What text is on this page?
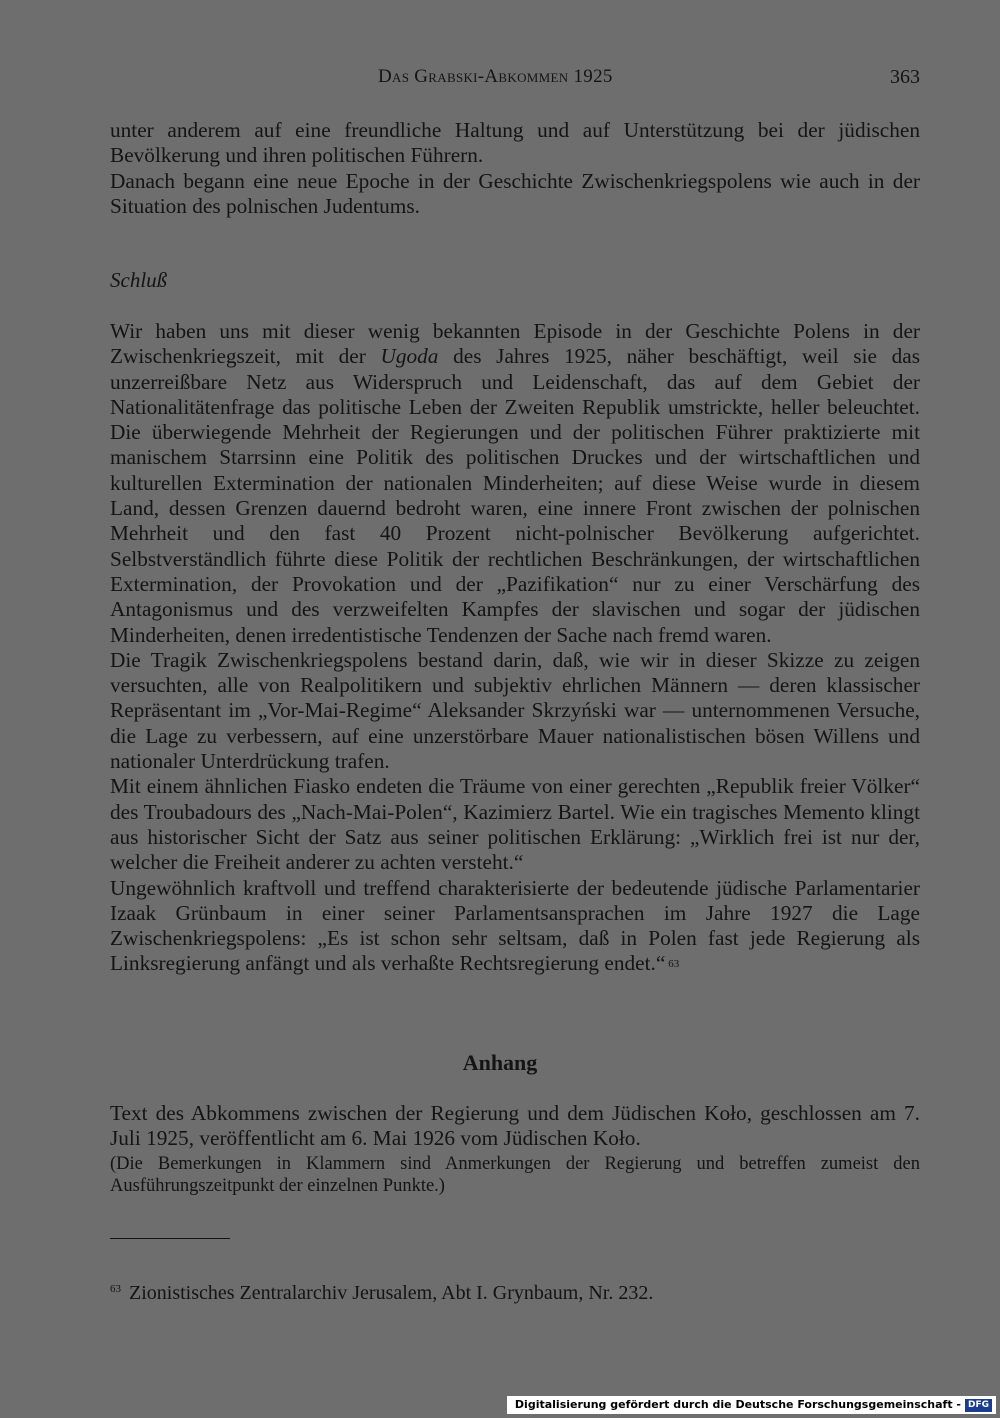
Das Grabski-Abkommen 1925	363

unter anderem auf eine freundliche Haltung und auf Unterstützung bei der jüdischen Bevölkerung und ihren politischen Führern.

Danach begann eine neue Epoche in der Geschichte Zwischenkriegspolens wie auch in der Situation des polnischen Judentums.

Schluß

Wir haben uns mit dieser wenig bekannten Episode in der Geschichte Polens in der Zwischenkriegszeit, mit der Ugoda des Jahres 1925, näher beschäftigt, weil sie das unzerreißbare Netz aus Widerspruch und Leidenschaft, das auf dem Gebiet der Nationalitätenfrage das politische Leben der Zweiten Republik umstrickte, heller beleuchtet. Die überwiegende Mehrheit der Regierungen und der politischen Führer praktizierte mit manischem Starrsinn eine Politik des politischen Druckes und der wirtschaftlichen und kulturellen Extermination der nationalen Minderheiten; auf diese Weise wurde in diesem Land, dessen Grenzen dauernd bedroht waren, eine innere Front zwischen der polnischen Mehrheit und den fast 40 Prozent nicht-polnischer Bevölkerung aufgerichtet. Selbstverständlich führte diese Politik der rechtlichen Beschränkungen, der wirtschaftlichen Extermination, der Provokation und der „Pazifikation“ nur zu einer Verschärfung des Antagonismus und des verzweifelten Kampfes der slavischen und sogar der jüdischen Minderheiten, denen irredentistische Tendenzen der Sache nach fremd waren.

Die Tragik Zwischenkriegspolens bestand darin, daß, wie wir in dieser Skizze zu zeigen versuchten, alle von Realpolitikern und subjektiv ehrlichen Männern — deren klassischer Repräsentant im „Vor-Mai-Regime“ Aleksander Skrzyński war — unternommenen Versuche, die Lage zu verbessern, auf eine unzerstörbare Mauer nationalistischen bösen Willens und nationaler Unterdrückung trafen.

Mit einem ähnlichen Fiasko endeten die Träume von einer gerechten „Republik freier Völker“ des Troubadours des „Nach-Mai-Polen“, Kazimierz Bartel. Wie ein tragisches Memento klingt aus historischer Sicht der Satz aus seiner politischen Erklärung: „Wirklich frei ist nur der, welcher die Freiheit anderer zu achten versteht.“

Ungewöhnlich kraftvoll und treffend charakterisierte der bedeutende jüdische Parlamentarier Izaak Grünbaum in einer seiner Parlamentsansprachen im Jahre 1927 die Lage Zwischenkriegspolens: „Es ist schon sehr seltsam, daß in Polen fast jede Regierung als Linksregierung anfängt und als verhaßte Rechtsregierung endet.“ $^{63}$

Anhang

Text des Abkommens zwischen der Regierung und dem Jüdischen Koło, geschlossen am 7. Juli 1925, veröffentlicht am 6. Mai 1926 vom Jüdischen Koło.

(Die Bemerkungen in Klammern sind Anmerkungen der Regierung und betreffen zumeist den Ausführungszeitpunkt der einzelnen Punkte.)

$^{63}$ Zionistisches Zentralarchiv Jerusalem, Abt I. Grynbaum, Nr. 232.
Digitalisierung gefördert durch die Deutsche Forschungsgemeinschaft - DFG
